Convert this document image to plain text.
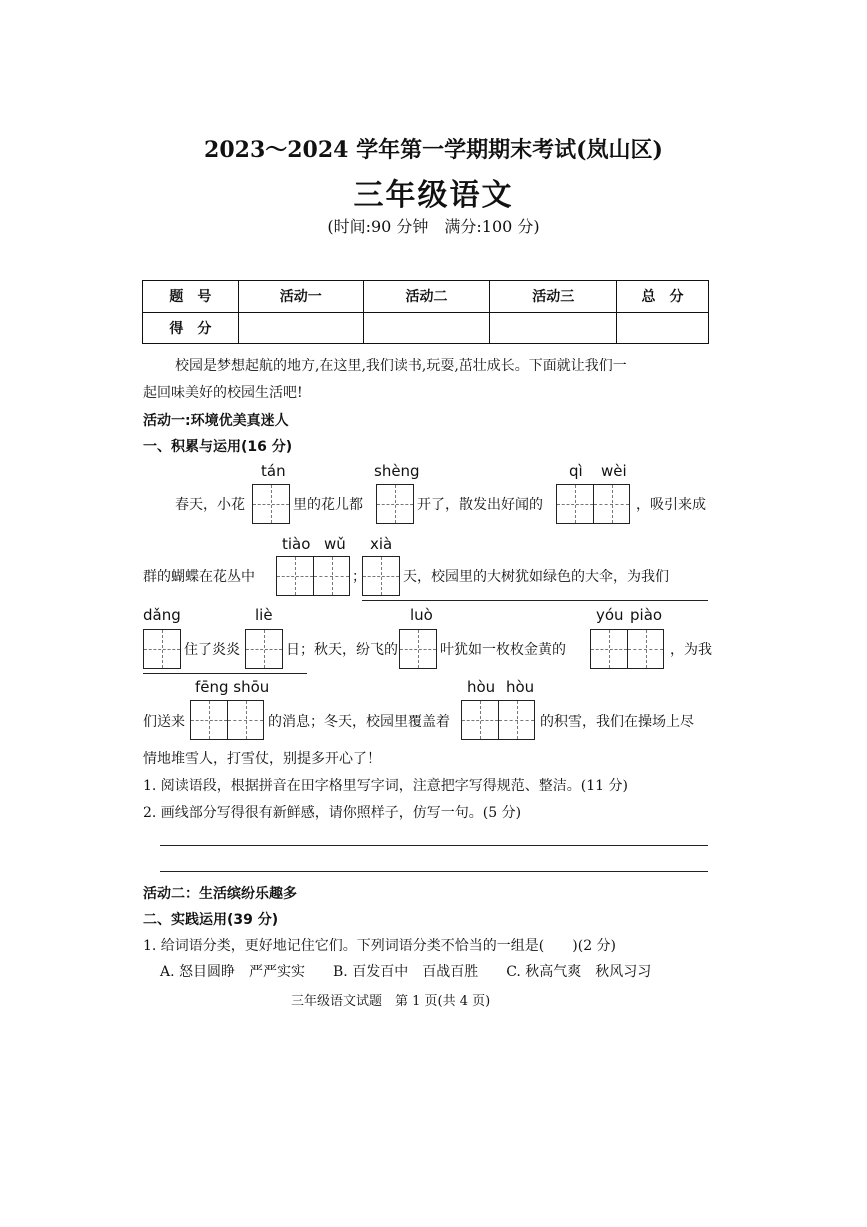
2023～2024 学年第一学期期末考试(岚山区)
三年级语文
(时间:90 分钟　满分:100 分)
题　号	活动一	活动二	活动三	总　分
得　分				
校园是梦想起航的地方,在这里,我们读书,玩耍,茁壮成长。下面就让我们一
起回味美好的校园生活吧!
活动一:环境优美真迷人
一、积累与运用(16 分)
tán	shèng	qì wèi
春天，小花	里的花儿都	开了，散发出好闻的	，吸引来成
tiào wǔ xià
群的蝴蝶在花丛中	；	天，校园里的大树犹如绿色的大伞，为我们
dǎng	liè	luò	yóu piào
住了炎炎	日；秋天，纷飞的	叶犹如一枚枚金黄的	，为我
fēng shōu	hòu hòu
们送来	的消息；冬天，校园里覆盖着	的积雪，我们在操场上尽
情地堆雪人，打雪仗，别提多开心了！
1. 阅读语段，根据拼音在田字格里写字词，注意把字写得规范、整洁。(11 分)
2. 画线部分写得很有新鲜感，请你照样子，仿写一句。(5 分)
活动二：生活缤纷乐趣多
二、实践运用(39 分)
1. 给词语分类，更好地记住它们。下列词语分类不恰当的一组是(　　)(2 分)
A. 怒目圆睁　严严实实　　B. 百发百中　百战百胜　　C. 秋高气爽　秋风习习
三年级语文试题　第 1 页(共 4 页)
